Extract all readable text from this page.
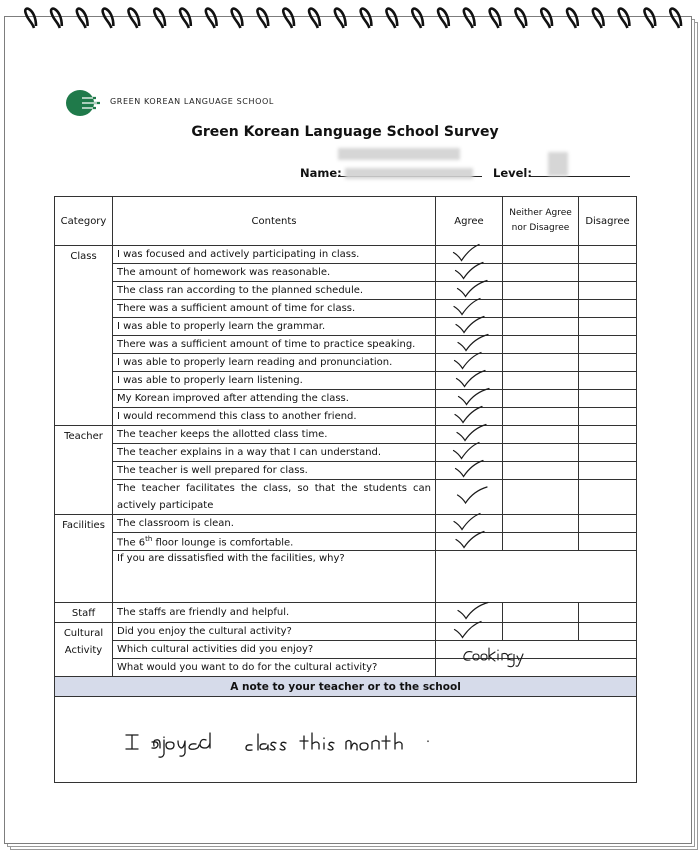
GREEN KOREAN LANGUAGE SCHOOL
Green Korean Language School Survey
Name:	Level:
Category	Contents	Agree	Neither Agree nor Disagree	Disagree
Class	I was focused and actively participating in class.			
	The amount of homework was reasonable.			
	The class ran according to the planned schedule.			
	There was a sufficient amount of time for class.			
	I was able to properly learn the grammar.			
	There was a sufficient amount of time to practice speaking.			
	I was able to properly learn reading and pronunciation.			
	I was able to properly learn listening.			
	My Korean improved after attending the class.			
	I would recommend this class to another friend.			
Teacher	The teacher keeps the allotted class time.			
	The teacher explains in a way that I can understand.			
	The teacher is well prepared for class.			
	The teacher facilitates the class, so that the students can actively participate			
Facilities	The classroom is clean.			
	The 6th floor lounge is comfortable.			
	If you are dissatisfied with the facilities, why?			
Staff	The staffs are friendly and helpful.			
Cultural Activity	Did you enjoy the cultural activity?			
	Which cultural activities did you enjoy?			
	What would you want to do for the cultural activity?			
A note to your teacher or to the school				
